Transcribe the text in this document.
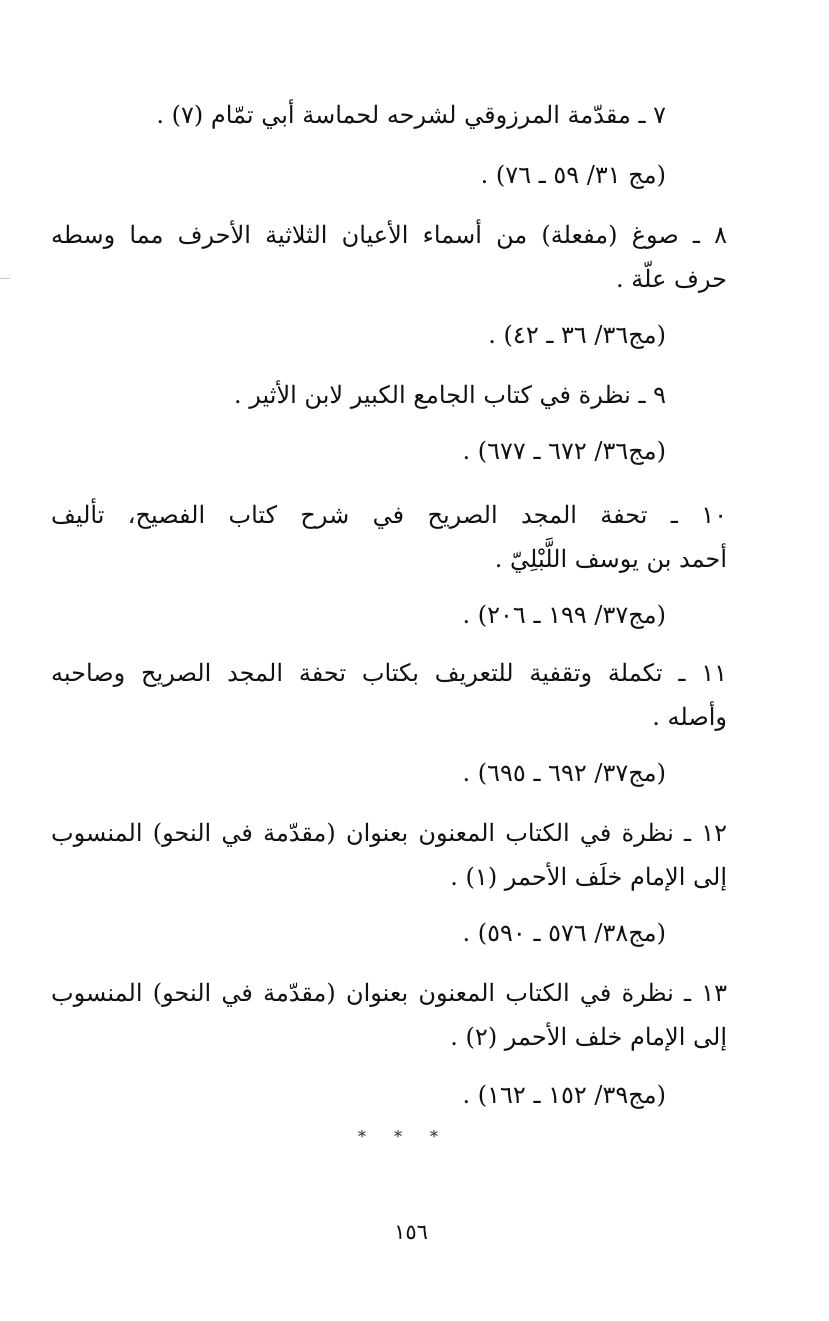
٧ ـ مقدّمة المرزوقي لشرحه لحماسة أبي تمّام (٧) .
(مج ٣١/ ٥٩ ـ ٧٦) .
٨ ـ صوغ (مفعلة) من أسماء الأعيان الثلاثية الأحرف مما وسطه
حرف علّة .
(مج٣٦/ ٣٦ ـ ٤٢) .
٩ ـ نظرة في كتاب الجامع الكبير لابن الأثير .
(مج٣٦/ ٦٧٢ ـ ٦٧٧) .
١٠ ـ تحفة المجد الصريح في شرح كتاب الفصيح، تأليف
أحمد بن يوسف اللَّبْلِيّ .
(مج٣٧/ ١٩٩ ـ ٢٠٦) .
١١ ـ تكملة وتقفية للتعريف بكتاب تحفة المجد الصريح وصاحبه
وأصله .
(مج٣٧/ ٦٩٢ ـ ٦٩٥) .
١٢ ـ نظرة في الكتاب المعنون بعنوان (مقدّمة في النحو) المنسوب
إلى الإمام خلَف الأحمر (١) .
(مج٣٨/ ٥٧٦ ـ ٥٩٠) .
١٣ ـ نظرة في الكتاب المعنون بعنوان (مقدّمة في النحو) المنسوب
إلى الإمام خلف الأحمر (٢) .
(مج٣٩/ ١٥٢ ـ ١٦٢) .
*	*	*
١٥٦
